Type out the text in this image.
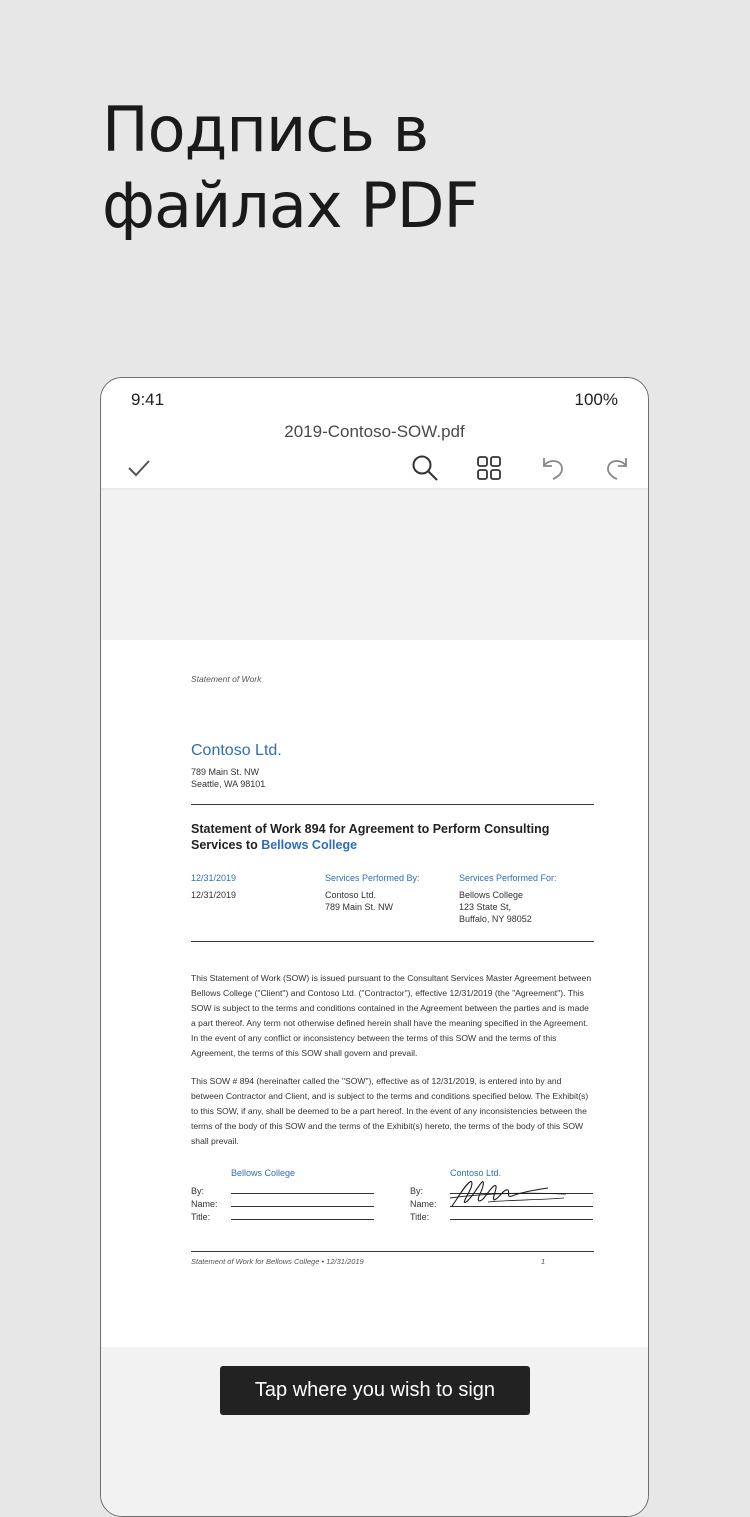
Подпись в
файлах PDF
9:41	100%
2019-Contoso-SOW.pdf
Statement of Work
Contoso Ltd.
789 Main St. NW
Seattle, WA 98101
Statement of Work 894 for Agreement to Perform Consulting Services to Bellows College
12/31/2019
12/31/2019
Services Performed By:
Contoso Ltd.
789 Main St. NW
Services Performed For:
Bellows College
123 State St,
Buffalo, NY 98052
This Statement of Work (SOW) is issued pursuant to the Consultant Services Master Agreement between Bellows College ("Client") and Contoso Ltd. ("Contractor"), effective 12/31/2019 (the "Agreement"). This SOW is subject to the terms and conditions contained in the Agreement between the parties and is made a part thereof. Any term not otherwise defined herein shall have the meaning specified in the Agreement. In the event of any conflict or inconsistency between the terms of this SOW and the terms of this Agreement, the terms of this SOW shall govern and prevail.
This SOW # 894 (hereinafter called the "SOW"), effective as of 12/31/2019, is entered into by and between Contractor and Client, and is subject to the terms and conditions specified below. The Exhibit(s) to this SOW, if any, shall be deemed to be a part hereof. In the event of any inconsistencies between the terms of the body of this SOW and the terms of the Exhibit(s) hereto, the terms of the body of this SOW shall prevail.
Bellows College
By:
Name:
Title:
Contoso Ltd.
By:
Name:
Title:
Statement of Work for Bellows College • 12/31/2019	1
Tap where you wish to sign
